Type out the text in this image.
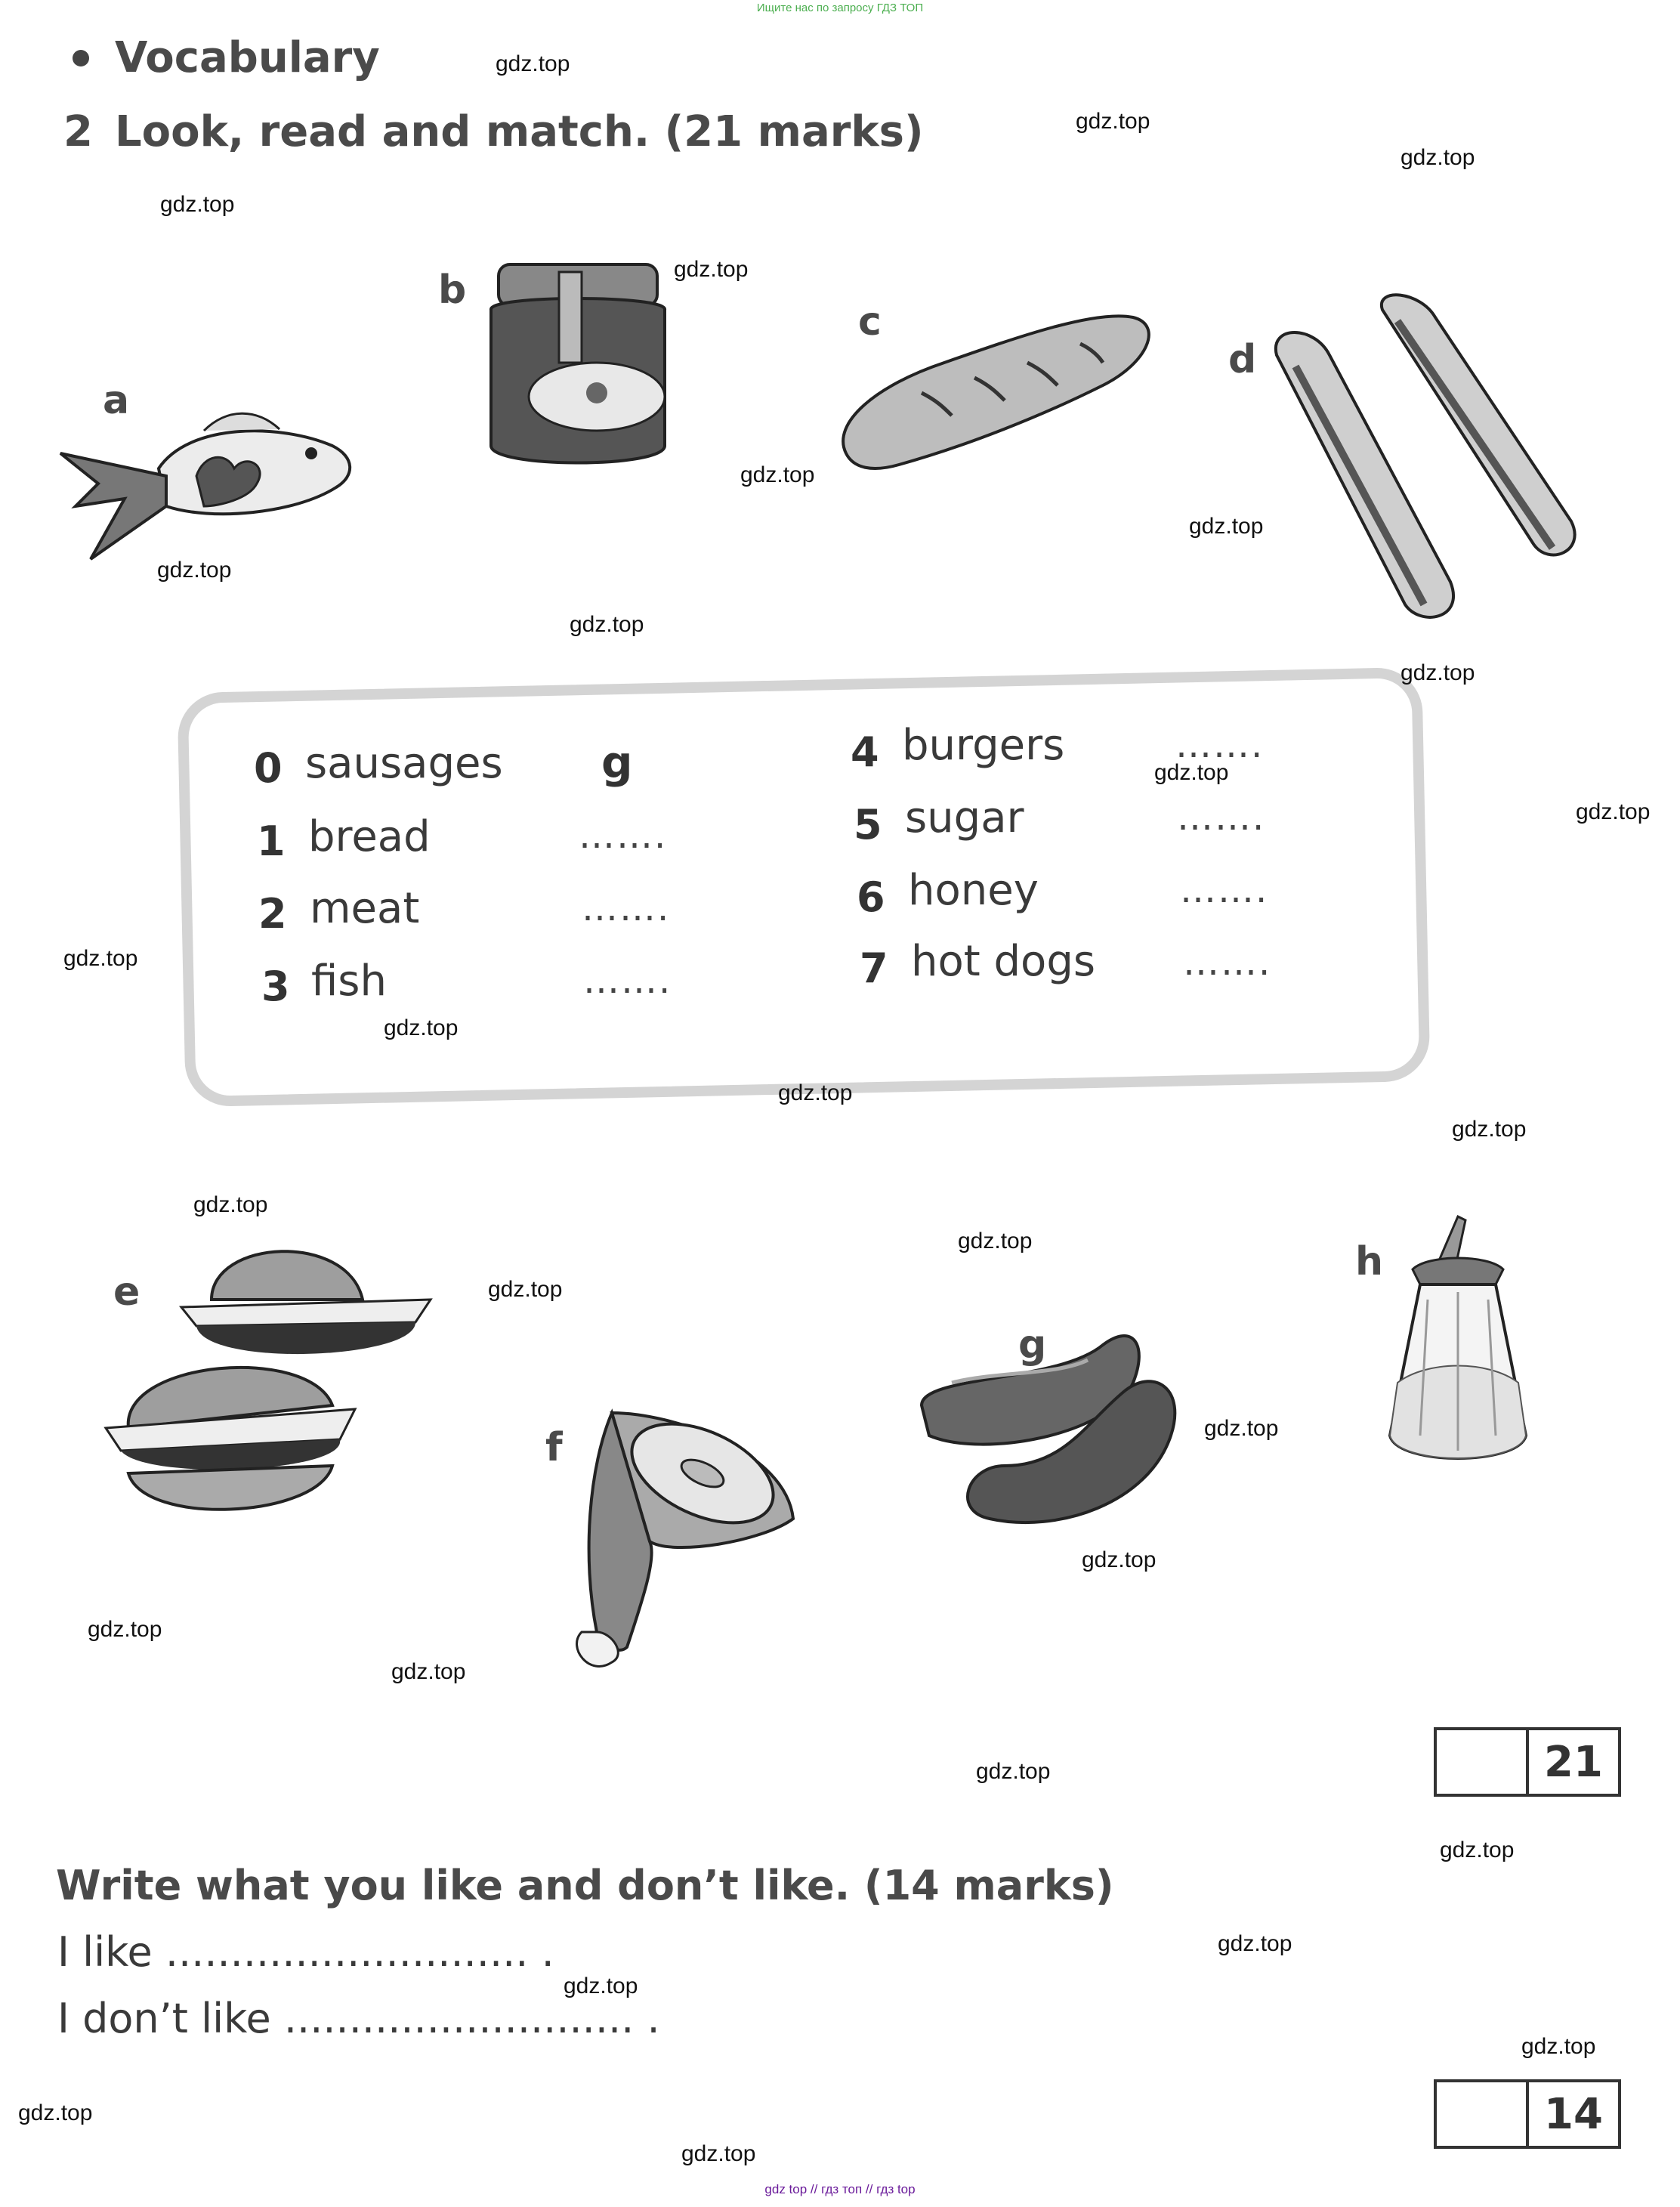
Ищите нас по запросу ГДЗ ТОП
gdz top // гдз топ // гдз top
Vocabulary
2 Look, read and match. (21 marks)
a
b
c
d
e
f
g
h
0 sausages g
1 bread	…….
2 meat	…….
3 fish	…….
4 burgers	…….
5 sugar	…….
6 honey	…….
7 hot dogs …….
21
Write what you like and don’t like. (14 marks)
I like ............................ .
I don’t like ........................... .
14
gdz.top
gdz.top
gdz.top
gdz.top
gdz.top
gdz.top
gdz.top
gdz.top
gdz.top
gdz.top
gdz.top
gdz.top
gdz.top
gdz.top
gdz.top
gdz.top
gdz.top
gdz.top
gdz.top
gdz.top
gdz.top
gdz.top
gdz.top
gdz.top
gdz.top
gdz.top
gdz.top
gdz.top
gdz.top
gdz.top
